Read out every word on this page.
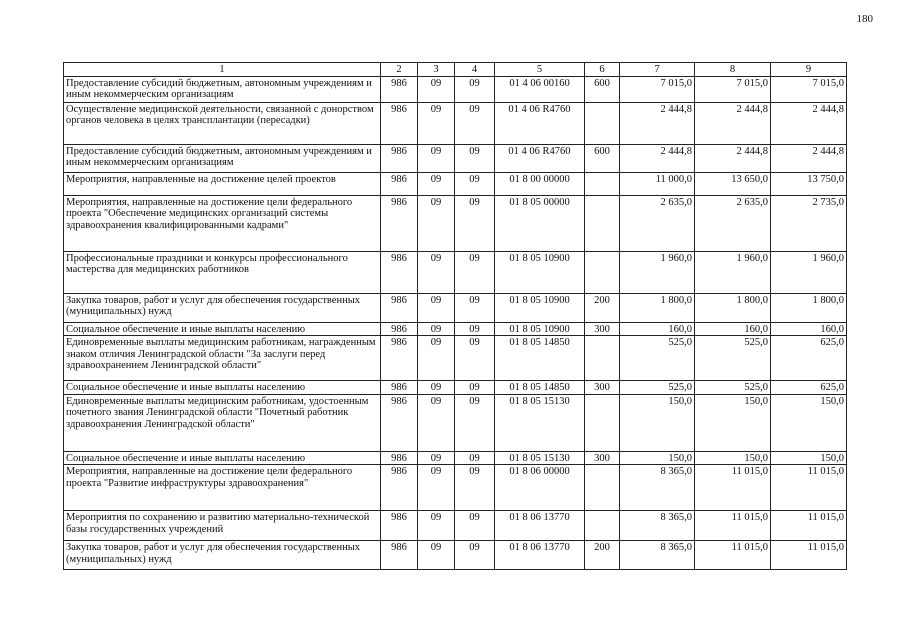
180
1	2	3	4	5	6	7	8	9
Предоставление субсидий бюджетным, автономным учреждениям и иным некоммерческим организациям	986	09	09	01 4 06 00160	600	7 015,0	7 015,0	7 015,0
Осуществление медицинской деятельности, связанной с донорством органов человека в целях трансплантации (пересадки)	986	09	09	01 4 06 R4760		2 444,8	2 444,8	2 444,8
Предоставление субсидий бюджетным, автономным учреждениям и иным некоммерческим организациям	986	09	09	01 4 06 R4760	600	2 444,8	2 444,8	2 444,8
Мероприятия, направленные на достижение целей проектов	986	09	09	01 8 00 00000		11 000,0	13 650,0	13 750,0
Мероприятия, направленные на достижение цели федерального проекта "Обеспечение медицинских организаций системы здравоохранения квалифицированными кадрами"	986	09	09	01 8 05 00000		2 635,0	2 635,0	2 735,0
Профессиональные праздники и конкурсы профессионального мастерства для медицинских работников	986	09	09	01 8 05 10900		1 960,0	1 960,0	1 960,0
Закупка товаров, работ и услуг для обеспечения государственных (муниципальных) нужд	986	09	09	01 8 05 10900	200	1 800,0	1 800,0	1 800,0
Социальное обеспечение и иные выплаты населению	986	09	09	01 8 05 10900	300	160,0	160,0	160,0
Единовременные выплаты медицинским работникам, награжденным знаком отличия Ленинградской области "За заслуги перед здравоохранением Ленинградской области"	986	09	09	01 8 05 14850		525,0	525,0	625,0
Социальное обеспечение и иные выплаты населению	986	09	09	01 8 05 14850	300	525,0	525,0	625,0
Единовременные выплаты медицинским работникам, удостоенным почетного звания Ленинградской области "Почетный работник здравоохранения Ленинградской области"	986	09	09	01 8 05 15130		150,0	150,0	150,0
Социальное обеспечение и иные выплаты населению	986	09	09	01 8 05 15130	300	150,0	150,0	150,0
Мероприятия, направленные на достижение цели федерального проекта "Развитие инфраструктуры здравоохранения"	986	09	09	01 8 06 00000		8 365,0	11 015,0	11 015,0
Мероприятия по сохранению и развитию материально-технической базы государственных учреждений	986	09	09	01 8 06 13770		8 365,0	11 015,0	11 015,0
Закупка товаров, работ и услуг для обеспечения государственных (муниципальных) нужд	986	09	09	01 8 06 13770	200	8 365,0	11 015,0	11 015,0
